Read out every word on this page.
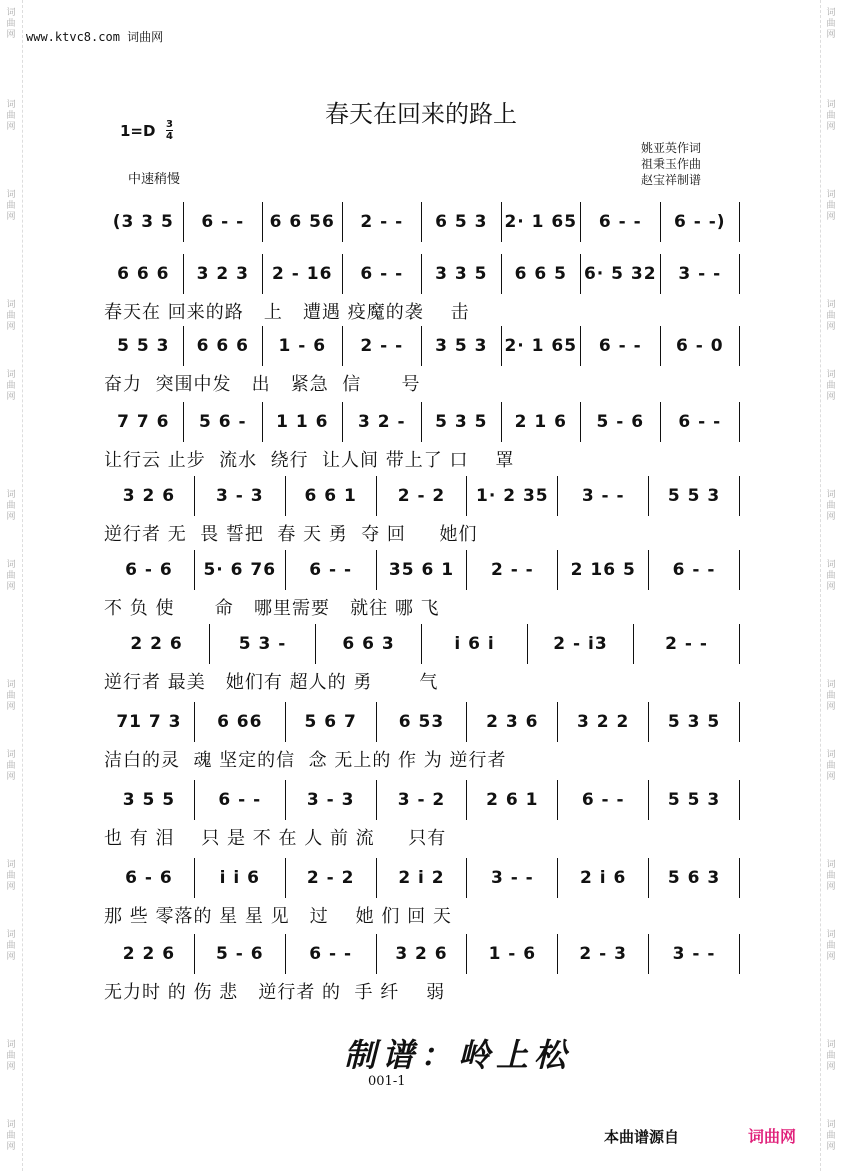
词
曲
网
词
曲
网
词
曲
网
词
曲
网
词
曲
网
词
曲
网
词
曲
网
词
曲
网
词
曲
网
词
曲
网
词
曲
网
词
曲
网
词
曲
网
词
曲
网
词
曲
网
词
曲
网
词
曲
网
词
曲
网
词
曲
网
词
曲
网
词
曲
网
词
曲
网
词
曲
网
词
曲
网
词
曲
网
词
曲
网
www.ktvc8.com 词曲网
春天在回来的路上
1=D 3
4
中速稍慢
姚亚英作词
祖秉玉作曲
赵宝祥制谱
(3 3 5	6 - -	6 6 56	2 - -	6 5 3	2· 1 65	6 - -	6 - -)
6 6 6	3 2 3	2 - 16	6 - -	3 3 5	6 6 5	6· 5 32	3 - -
春天在 回来的路   上   遭遇 疫魔的袭    击
5 5 3	6 6 6	1 - 6	2 - -	3 5 3	2· 1 65	6 - -	6 - 0
奋力  突围中发   出   紧急  信      号
7 7 6	5 6 -	1 1 6	3 2 -	5 3 5	2 1 6	5 - 6	6 - -
让行云 止步  流水  绕行  让人间 带上了 口    罩
3 2 6	3 - 3	6 6 1	2 - 2	1· 2 35	3 - -	5 5 3
逆行者 无  畏 誓把  春 天 勇  夺 回     她们
6 - 6	5· 6 76	6 - -	35 6 1	2 - -	2 16 5	6 - -
不 负 使      命   哪里需要   就往 哪 飞
2 2 6	5 3 -	6 6 3	i 6 i	2 - i3	2 - -
逆行者 最美   她们有 超人的 勇       气
71 7 3	6 66	5 6 7	6 53	2 3 6	3 2 2	5 3 5
洁白的灵  魂 坚定的信  念 无上的 作 为 逆行者
3 5 5	6 - -	3 - 3	3 - 2	2 6 1	6 - -	5 5 3
也 有 泪    只 是 不 在 人 前 流     只有
6 - 6	i i 6	2 - 2	2 i 2	3 - -	2 i 6	5 6 3
那 些 零落的 星 星 见   过    她 们 回 天
2 2 6	5 - 6	6 - -	3 2 6	1 - 6	2 - 3	3 - -
无力时 的 伤 悲   逆行者 的  手 纤    弱
制谱：岭上松
001-1
本曲谱源自	词曲网
